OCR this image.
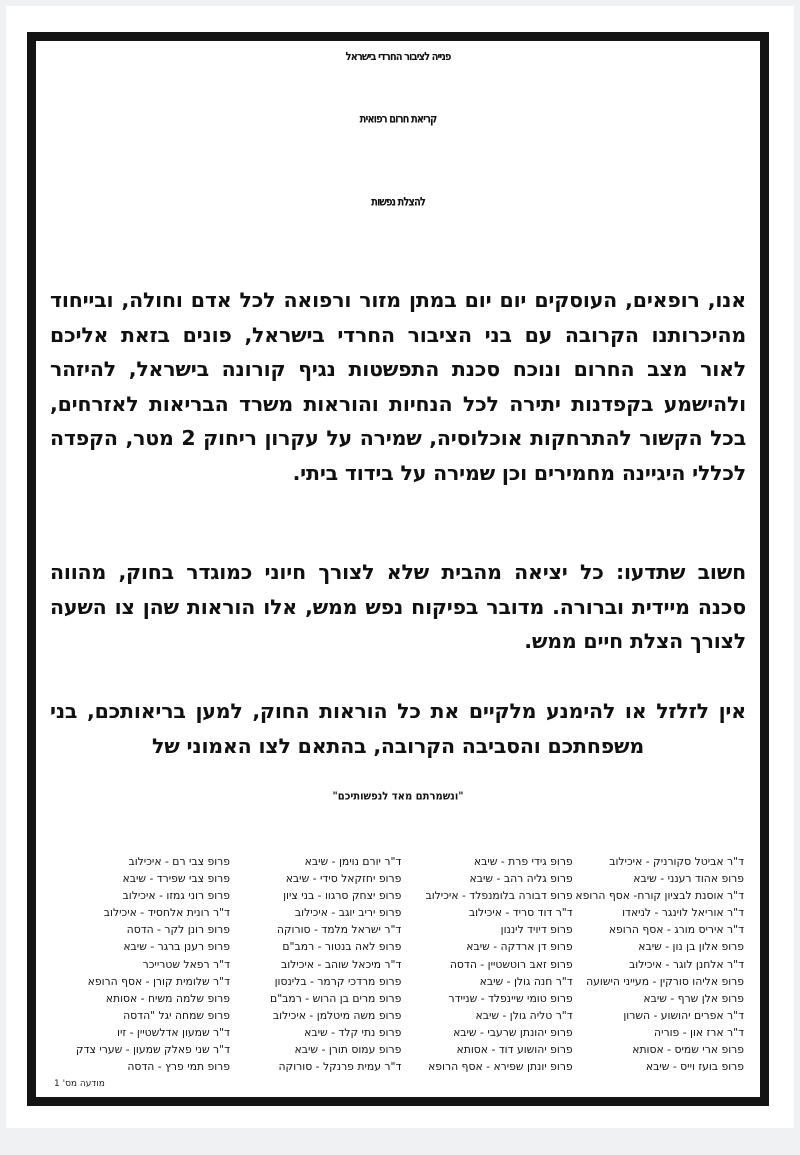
פנייה לציבור החרדי בישראל
קריאת חרום רפואית
להצלת נפשות

אנו, רופאים, העוסקים יום יום במתן מזור ורפואה לכל אדם וחולה, ובייחוד מהיכרותנו הקרובה עם בני הציבור החרדי בישראל, פונים בזאת אליכם לאור מצב החרום ונוכח סכנת התפשטות נגיף קורונה בישראל, להיזהר ולהישמע בקפדנות יתירה לכל הנחיות והוראות משרד הבריאות לאזרחים, בכל הקשור להתרחקות אוכלוסיה, שמירה על עקרון ריחוק 2 מטר, הקפדה לכללי היגיינה מחמירים וכן שמירה על בידוד ביתי.

חשוב שתדעו: כל יציאה מהבית שלא לצורך חיוני כמוגדר בחוק, מהווה סכנה מיידית וברורה. מדובר בפיקוח נפש ממש, אלו הוראות שהן צו השעה לצורך הצלת חיים ממש.

אין לזלזל או להימנע מלקיים את כל הוראות החוק, למען בריאותכם, בני משפחתכם והסביבה הקרובה, בהתאם לצו האמוני של

"ונשמרתם מאד לנפשותיכם"
ד"ר אביטל סקורניק - איכילוב
פרופ אהוד רענני - שיבא
ד"ר אוסנת לבציון קורח- אסף הרופא
ד"ר אוריאל לוינגר - לניאדו
ד"ר איריס מורג - אסף הרופא
פרופ אלון בן נון - שיבא
ד"ר אלחנן לוגר - איכילוב
פרופ אליהו סורקין - מעייני הישועה
פרופ אלן שרף - שיבא
ד"ר אפרים יהושוע - השרון
ד"ר ארז און - פוריה
פרופ ארי שמיס - אסותא
פרופ בועז וייס - שיבא
פרופ גידי פרת - שיבא
פרופ גליה רהב - שיבא
פרופ דבורה בלומנפלד - איכילוב
ד"ר דוד סריד - איכילוב
פרופ דיויד ליננון
פרופ דן ארדקה - שיבא
פרופ זאב רוטשטיין - הדסה
ד"ר חנה גולן - שיבא
פרופ טומי שיינפלד - שניידר
ד"ר טליה גולן - שיבא
פרופ יהונתן שרעבי - שיבא
פרופ יהושוע דוד - אסותא
פרופ יונתן שפירא - אסף הרופא
ד"ר יורם נוימן - שיבא
פרופ יחזקאל סידי - שיבא
פרופ יצחק סרגוו - בני ציון
פרופ יריב יוגב - איכילוב
ד"ר ישראל מלמד - סורוקה
פרופ לאה בנטור - רמב"ם
ד"ר מיכאל שוהב - איכילוב
פרופ מרדכי קרמר - בלינסון
פרופ מרים בן הרוש - רמב"ם
פרופ משה מיטלמן - איכילוב
פרופ נתי קלד - שיבא
פרופ עמוס תורן - שיבא
ד"ר עמית פרנקל - סורוקה
פרופ צבי רם - איכילוב
פרופ צבי שפירד - שיבא
פרופ רוני גמזו - איכילוב
ד"ר רונית אלחסיד - איכילוב
פרופ רונן לקר - הדסה
פרופ רענן ברגר - שיבא
ד"ר רפאל שטרייכר
ד"ר שלומית קורן - אסף הרופא
פרופ שלמה משיח - אסותא
פרופ שמחה יגל "הדסה
ד"ר שמעון אדלשטיין - זיו
ד"ר שני פאלק שמעון - שערי צדק
פרופ תמי פרץ - הדסה
מודעה מס' 1
